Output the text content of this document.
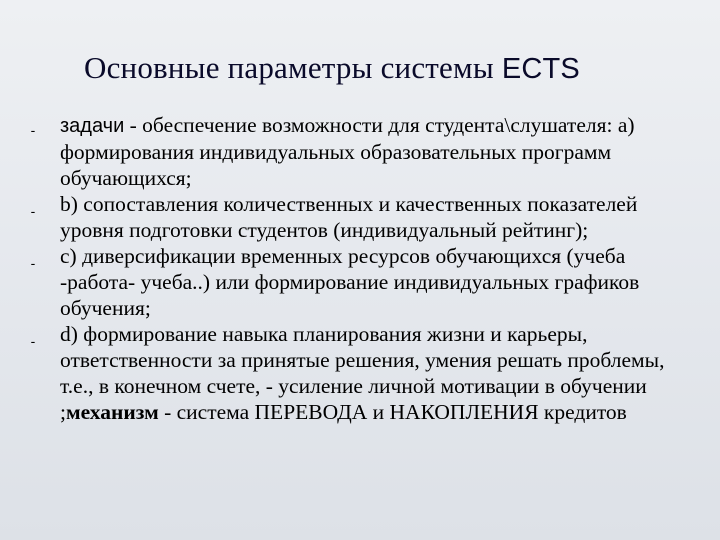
Основные параметры системы ECTS
- задачи - обеспечение возможности для студента\слушателя: а) формирования индивидуальных образовательных программ обучающихся;
- b) сопоставления количественных и качественных показателей уровня подготовки студентов (индивидуальный рейтинг);
- c) диверсификации временных ресурсов обучающихся (учеба -работа- учеба..) или формирование индивидуальных графиков обучения;
- d) формирование навыка планирования жизни и карьеры, ответственности за принятые решения, умения решать проблемы, т.е., в конечном счете, - усиление личной мотивации в обучении ;механизм - система ПЕРЕВОДА и НАКОПЛЕНИЯ кредитов
